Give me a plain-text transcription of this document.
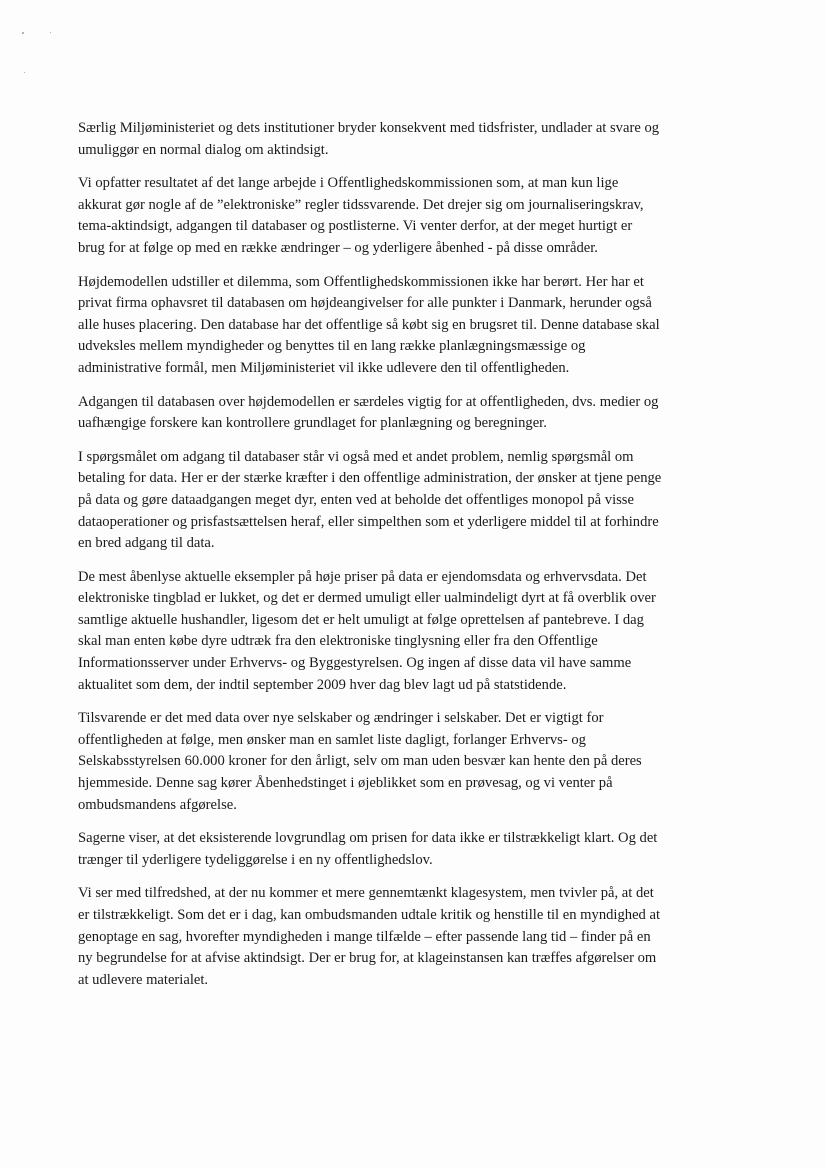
Særlig Miljøministeriet og dets institutioner bryder konsekvent med tidsfrister, undlader at svare og
umuliggør en normal dialog om aktindsigt.

Vi opfatter resultatet af det lange arbejde i Offentlighedskommissionen som, at man kun lige
akkurat gør nogle af de ”elektroniske” regler tidssvarende. Det drejer sig om journaliseringskrav,
tema-aktindsigt, adgangen til databaser og postlisterne. Vi venter derfor, at der meget hurtigt er
brug for at følge op med en række ændringer – og yderligere åbenhed - på disse områder.

Højdemodellen udstiller et dilemma, som Offentlighedskommissionen ikke har berørt. Her har et
privat firma ophavsret til databasen om højdeangivelser for alle punkter i Danmark, herunder også
alle huses placering. Den database har det offentlige så købt sig en brugsret til. Denne database skal
udveksles mellem myndigheder og benyttes til en lang række planlægningsmæssige og
administrative formål, men Miljøministeriet vil ikke udlevere den til offentligheden.

Adgangen til databasen over højdemodellen er særdeles vigtig for at offentligheden, dvs. medier og
uafhængige forskere kan kontrollere grundlaget for planlægning og beregninger.

I spørgsmålet om adgang til databaser står vi også med et andet problem, nemlig spørgsmål om
betaling for data. Her er der stærke kræfter i den offentlige administration, der ønsker at tjene penge
på data og gøre dataadgangen meget dyr, enten ved at beholde det offentliges monopol på visse
dataoperationer og prisfastsættelsen heraf, eller simpelthen som et yderligere middel til at forhindre
en bred adgang til data.

De mest åbenlyse aktuelle eksempler på høje priser på data er ejendomsdata og erhvervsdata. Det
elektroniske tingblad er lukket, og det er dermed umuligt eller ualmindeligt dyrt at få overblik over
samtlige aktuelle hushandler, ligesom det er helt umuligt at følge oprettelsen af pantebreve. I dag
skal man enten købe dyre udtræk fra den elektroniske tinglysning eller fra den Offentlige
Informationsserver under Erhvervs- og Byggestyrelsen. Og ingen af disse data vil have samme
aktualitet som dem, der indtil september 2009 hver dag blev lagt ud på statstidende.

Tilsvarende er det med data over nye selskaber og ændringer i selskaber. Det er vigtigt for
offentligheden at følge, men ønsker man en samlet liste dagligt, forlanger Erhvervs- og
Selskabsstyrelsen 60.000 kroner for den årligt, selv om man uden besvær kan hente den på deres
hjemmeside. Denne sag kører Åbenhedstinget i øjeblikket som en prøvesag, og vi venter på
ombudsmandens afgørelse.

Sagerne viser, at det eksisterende lovgrundlag om prisen for data ikke er tilstrækkeligt klart. Og det
trænger til yderligere tydeliggørelse i en ny offentlighedslov.

Vi ser med tilfredshed, at der nu kommer et mere gennemtænkt klagesystem, men tvivler på, at det
er tilstrækkeligt. Som det er i dag, kan ombudsmanden udtale kritik og henstille til en myndighed at
genoptage en sag, hvorefter myndigheden i mange tilfælde – efter passende lang tid – finder på en
ny begrundelse for at afvise aktindsigt. Der er brug for, at klageinstansen kan træffes afgørelser om
at udlevere materialet.
